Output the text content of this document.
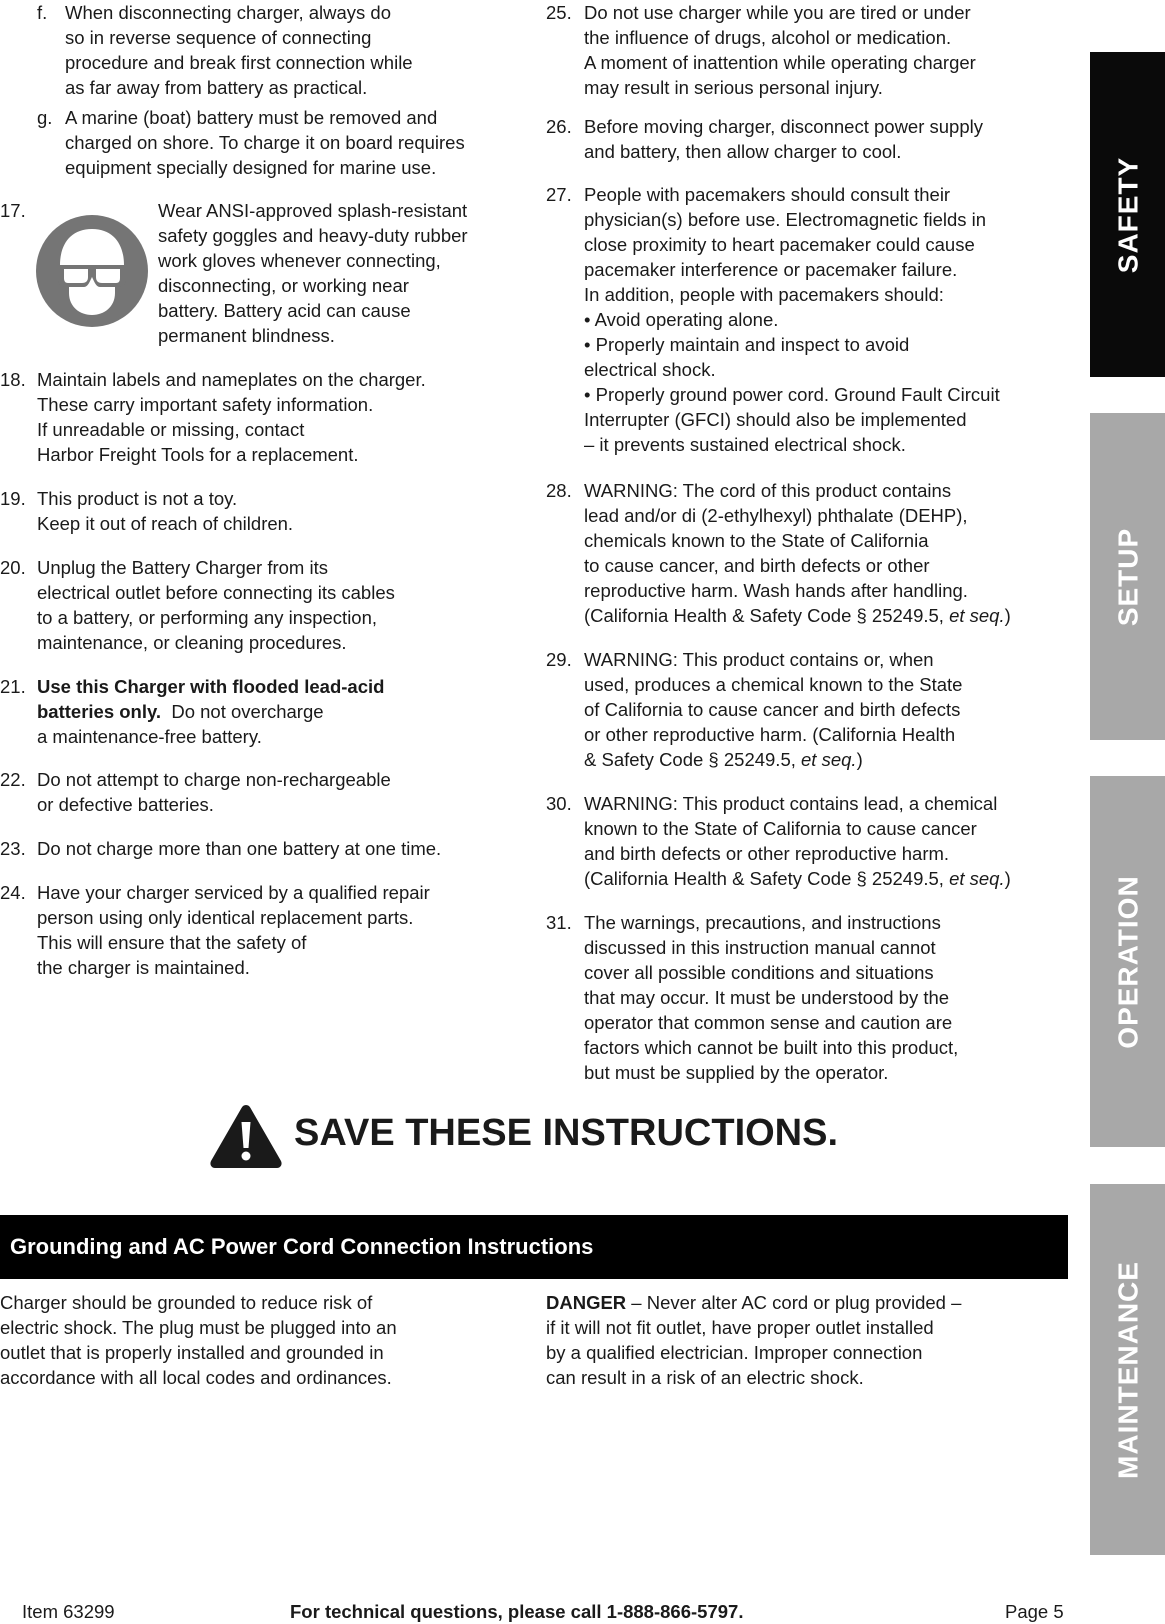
f. When disconnecting charger, always do
so in reverse sequence of connecting
procedure and break first connection while
as far away from battery as practical.
g. A marine (boat) battery must be removed and
charged on shore. To charge it on board requires
equipment specially designed for marine use.
17.	Wear ANSI-approved splash-resistant
safety goggles and heavy-duty rubber
work gloves whenever connecting,
disconnecting, or working near
battery. Battery acid can cause
permanent blindness.
18. Maintain labels and nameplates on the charger.
These carry important safety information.
If unreadable or missing, contact
Harbor Freight Tools for a replacement.
19. This product is not a toy.
Keep it out of reach of children.
20. Unplug the Battery Charger from its
electrical outlet before connecting its cables
to a battery, or performing any inspection,
maintenance, or cleaning procedures.
21. Use this Charger with flooded lead-acid
batteries only.  Do not overcharge
a maintenance-free battery.
22. Do not attempt to charge non-rechargeable
or defective batteries.
23. Do not charge more than one battery at one time.
24. Have your charger serviced by a qualified repair
person using only identical replacement parts.
This will ensure that the safety of
the charger is maintained.
25. Do not use charger while you are tired or under
the influence of drugs, alcohol or medication.
A moment of inattention while operating charger
may result in serious personal injury.
26. Before moving charger, disconnect power supply
and battery, then allow charger to cool.
27. People with pacemakers should consult their
physician(s) before use. Electromagnetic fields in
close proximity to heart pacemaker could cause
pacemaker interference or pacemaker failure.
In addition, people with pacemakers should:
• Avoid operating alone.
• Properly maintain and inspect to avoid
electrical shock.
• Properly ground power cord. Ground Fault Circuit
Interrupter (GFCI) should also be implemented
– it prevents sustained electrical shock.
28. WARNING: The cord of this product contains
lead and/or di (2-ethylhexyl) phthalate (DEHP),
chemicals known to the State of California
to cause cancer, and birth defects or other
reproductive harm. Wash hands after handling.
(California Health & Safety Code § 25249.5, et seq.)
29. WARNING: This product contains or, when
used, produces a chemical known to the State
of California to cause cancer and birth defects
or other reproductive harm. (California Health
& Safety Code § 25249.5, et seq.)
30. WARNING: This product contains lead, a chemical
known to the State of California to cause cancer
and birth defects or other reproductive harm.
(California Health & Safety Code § 25249.5, et seq.)
31. The warnings, precautions, and instructions
discussed in this instruction manual cannot
cover all possible conditions and situations
that may occur. It must be understood by the
operator that common sense and caution are
factors which cannot be built into this product,
but must be supplied by the operator.
SAVE THESE INSTRUCTIONS.
Grounding and AC Power Cord Connection Instructions
Charger should be grounded to reduce risk of
electric shock. The plug must be plugged into an
outlet that is properly installed and grounded in
accordance with all local codes and ordinances.
DANGER – Never alter AC cord or plug provided –
if it will not fit outlet, have proper outlet installed
by a qualified electrician. Improper connection
can result in a risk of an electric shock.
SAFETY
SETUP
OPERATION
MAINTENANCE
Item 63299	For technical questions, please call 1-888-866-5797.	Page 5
